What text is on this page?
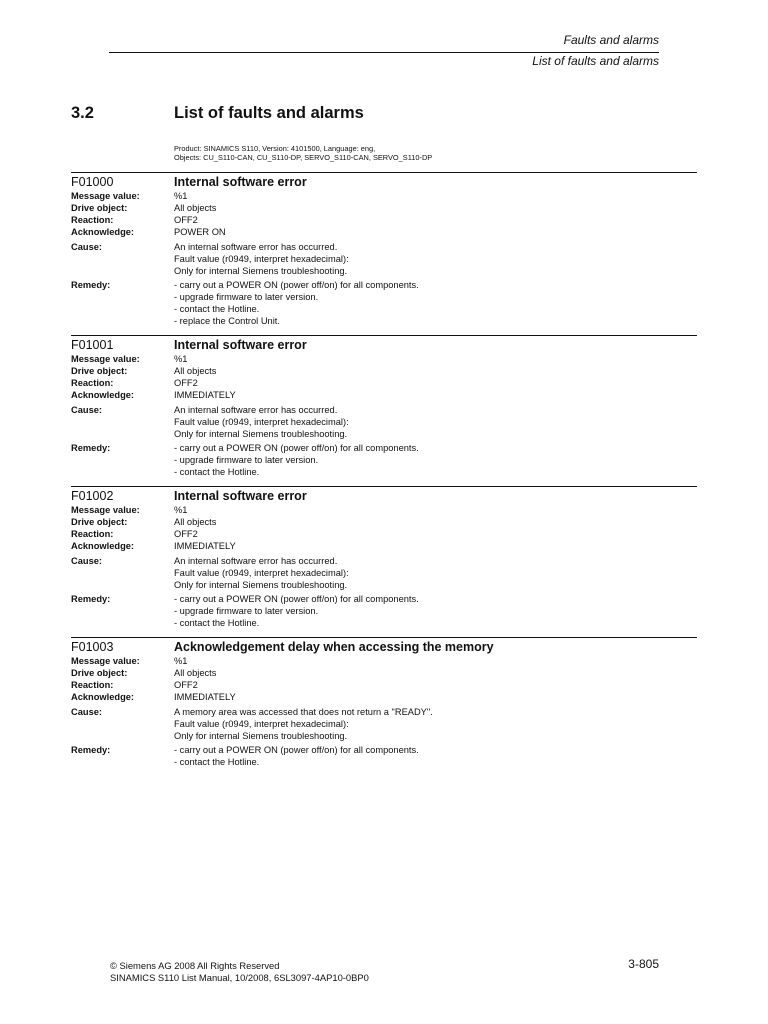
Faults and alarms
List of faults and alarms
3.2	List of faults and alarms
Product: SINAMICS S110, Version: 4101500, Language: eng,
Objects: CU_S110-CAN, CU_S110-DP, SERVO_S110-CAN, SERVO_S110-DP
F01000	Internal software error
Message value:	%1
Drive object:	All objects
Reaction:	OFF2
Acknowledge:	POWER ON
Cause:	An internal software error has occurred.
Fault value (r0949, interpret hexadecimal):
Only for internal Siemens troubleshooting.
Remedy:	- carry out a POWER ON (power off/on) for all components.
- upgrade firmware to later version.
- contact the Hotline.
- replace the Control Unit.
F01001	Internal software error
Message value:	%1
Drive object:	All objects
Reaction:	OFF2
Acknowledge:	IMMEDIATELY
Cause:	An internal software error has occurred.
Fault value (r0949, interpret hexadecimal):
Only for internal Siemens troubleshooting.
Remedy:	- carry out a POWER ON (power off/on) for all components.
- upgrade firmware to later version.
- contact the Hotline.
F01002	Internal software error
Message value:	%1
Drive object:	All objects
Reaction:	OFF2
Acknowledge:	IMMEDIATELY
Cause:	An internal software error has occurred.
Fault value (r0949, interpret hexadecimal):
Only for internal Siemens troubleshooting.
Remedy:	- carry out a POWER ON (power off/on) for all components.
- upgrade firmware to later version.
- contact the Hotline.
F01003	Acknowledgement delay when accessing the memory
Message value:	%1
Drive object:	All objects
Reaction:	OFF2
Acknowledge:	IMMEDIATELY
Cause:	A memory area was accessed that does not return a "READY".
Fault value (r0949, interpret hexadecimal):
Only for internal Siemens troubleshooting.
Remedy:	- carry out a POWER ON (power off/on) for all components.
- contact the Hotline.
© Siemens AG 2008 All Rights Reserved
SINAMICS S110 List Manual, 10/2008, 6SL3097-4AP10-0BP0
3-805
